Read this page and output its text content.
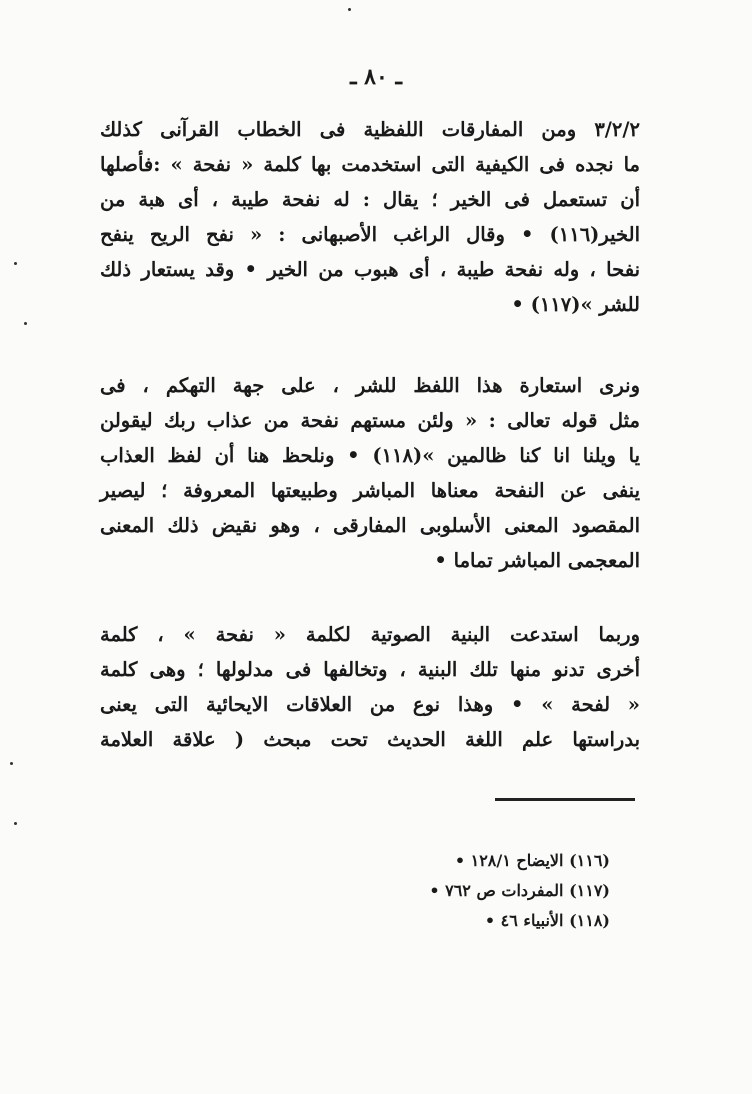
ـ ٨٠ ـ
٣/٢/٢ ومن المفارقات اللفظية فى الخطاب القرآنى كذلك
ما نجده فى الكيفية التى استخدمت بها كلمة « نفحة » :فأصلها
أن تستعمل فى الخير ؛ يقال : له نفحة طيبة ، أى هبة من
الخير(١١٦) • وقال الراغب الأصبهانى : « نفح الريح ينفح
نفحا ، وله نفحة طيبة ، أى هبوب من الخير • وقد يستعار ذلك
للشر »(١١٧) •
ونرى استعارة هذا اللفظ للشر ، على جهة التهكم ، فى
مثل قوله تعالى : « ولئن مستهم نفحة من عذاب ربك ليقولن
يا ويلنا انا كنا ظالمين »(١١٨) • ونلحظ هنا أن لفظ العذاب
ينفى عن النفحة معناها المباشر وطبيعتها المعروفة ؛ ليصير
المقصود المعنى الأسلوبى المفارقى ، وهو نقيض ذلك المعنى
المعجمى المباشر تماما •
وربما استدعت البنية الصوتية لكلمة « نفحة » ، كلمة
أخرى تدنو منها تلك البنية ، وتخالفها فى مدلولها ؛ وهى كلمة
« لفحة » • وهذا نوع من العلاقات الايحائية التى يعنى
بدراستها علم اللغة الحديث تحت مبحث ( علاقة العلامة
(١١٦) الايضاح ١٢٨/١ •
(١١٧) المفردات ص ٧٦٢ •
(١١٨) الأنبياء ٤٦ •
